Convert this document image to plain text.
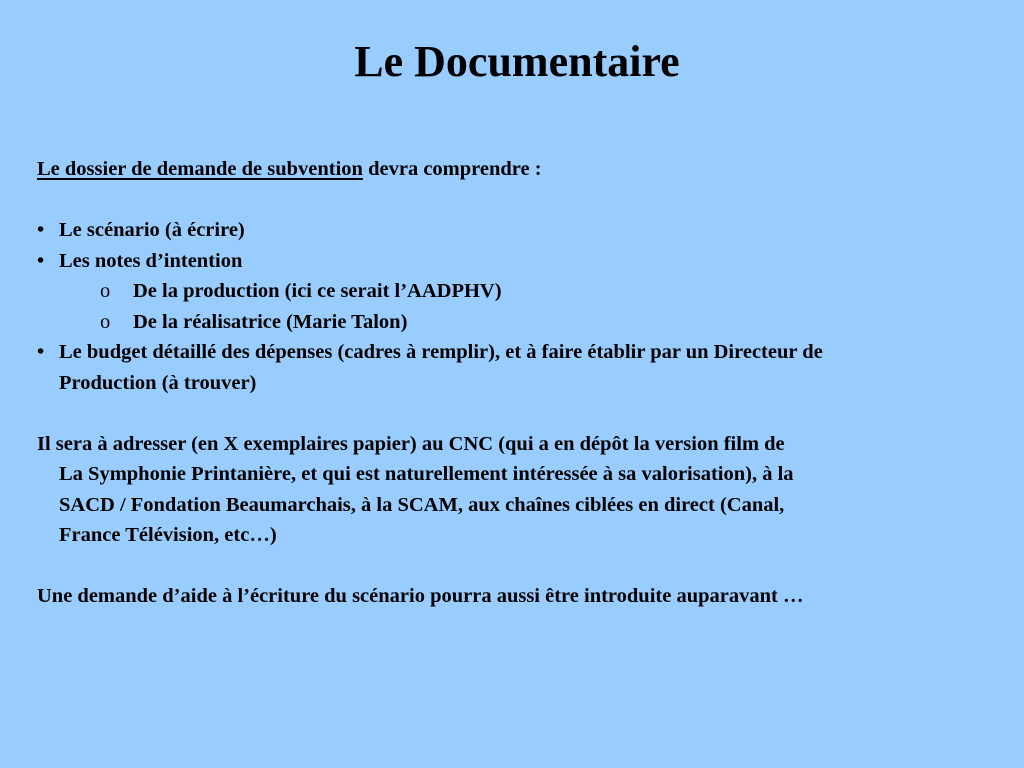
Le Documentaire
Le dossier de demande de subvention devra comprendre :
• Le scénario (à écrire)
• Les notes d’intention
o De la production (ici ce serait l’AADPHV)
o De la réalisatrice (Marie Talon)
• Le budget détaillé des dépenses (cadres à remplir), et à faire établir par un Directeur de
Production (à trouver)
Il sera à adresser (en X exemplaires papier) au CNC (qui a en dépôt la version film de
La Symphonie Printanière, et qui est naturellement intéressée à sa valorisation), à la
SACD / Fondation Beaumarchais, à la SCAM, aux chaînes ciblées en direct (Canal,
France Télévision, etc…)
Une demande d’aide à l’écriture du scénario pourra aussi être introduite auparavant …
